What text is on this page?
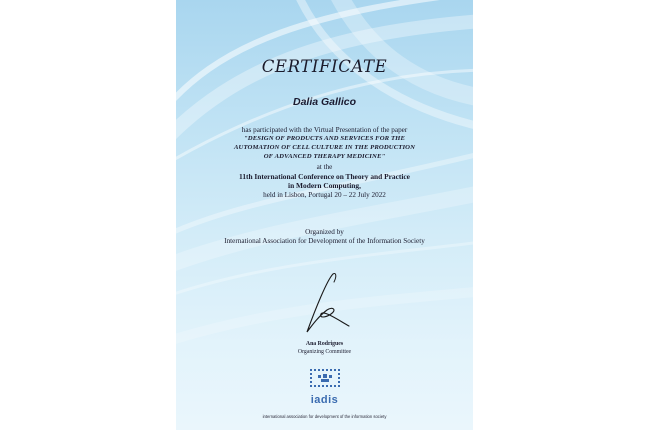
CERTIFICATE
Dalia Gallico
has participated with the Virtual Presentation of the paper
"DESIGN OF PRODUCTS AND SERVICES FOR THE
AUTOMATION OF CELL CULTURE IN THE PRODUCTION
OF ADVANCED THERAPY MEDICINE"
at the
11th International Conference on Theory and Practice
in Modern Computing,
held in Lisbon, Portugal 20 – 22 July 2022
Organized by
International Association for Development of the Information Society
Ana Rodrigues
Organizing Committee
iadis
international association for development of the information society
